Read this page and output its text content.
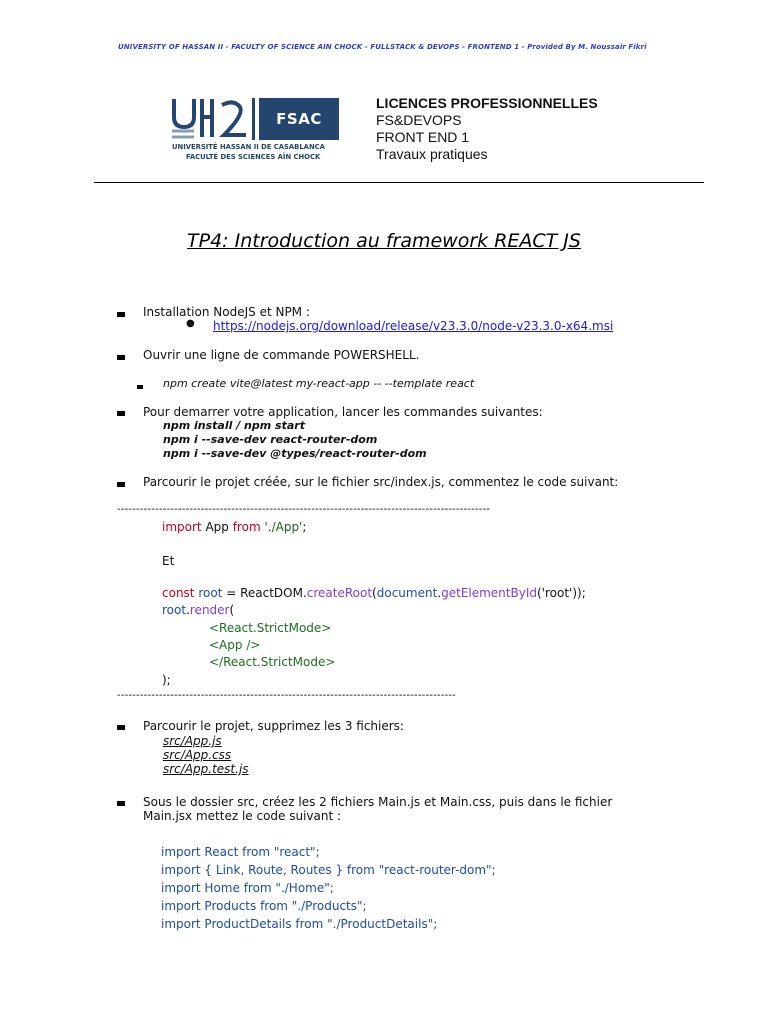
UNIVERSITY OF HASSAN II - FACULTY OF SCIENCE AIN CHOCK - FULLSTACK & DEVOPS - FRONTEND 1 - Provided By M. Noussair Fikri
FSAC
UNIVERSITÉ HASSAN II DE CASABLANCA
FACULTÉ DES SCIENCES AÏN CHOCK
LICENCES PROFESSIONNELLES
FS&DEVOPS
FRONT END 1
Travaux pratiques
TP4: Introduction au framework REACT JS
Installation NodeJS et NPM :
● https://nodejs.org/download/release/v23.3.0/node-v23.3.0-x64.msi
Ouvrir une ligne de commande POWERSHELL.
npm create vite@latest my-react-app -- --template react
Pour demarrer votre application, lancer les commandes suivantes:
npm install / npm start
npm i --save-dev react-router-dom
npm i --save-dev @types/react-router-dom
Parcourir le projet créée, sur le fichier src/index.js, commentez le code suivant:
--------------------------------------------------------------------------------------------------
import App from './App';
Et
const root = ReactDOM.createRoot(document.getElementById('root'));
root.render(
<React.StrictMode>
<App />
</React.StrictMode>
);
-----------------------------------------------------------------------------------------
Parcourir le projet, supprimez les 3 fichiers:
src/App.js
src/App.css
src/App.test.js
Sous le dossier src, créez les 2 fichiers Main.js et Main.css, puis dans le fichier
Main.jsx mettez le code suivant :
import React from "react";
import { Link, Route, Routes } from "react-router-dom";
import Home from "./Home";
import Products from "./Products";
import ProductDetails from "./ProductDetails";
